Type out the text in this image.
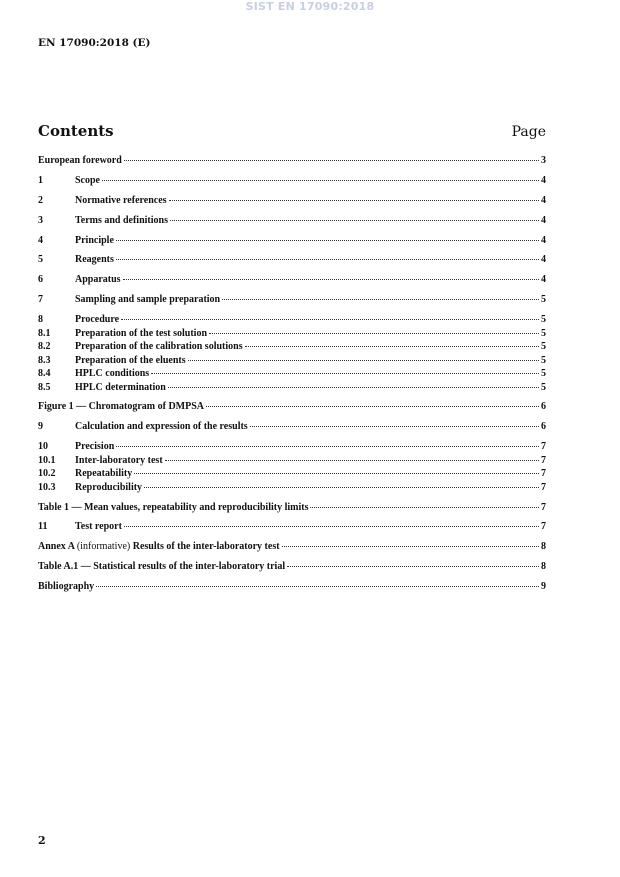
SIST EN 17090:2018
EN 17090:2018 (E)
Contents	Page
European foreword	3
1	Scope	4
2	Normative references	4
3	Terms and definitions	4
4	Principle	4
5	Reagents	4
6	Apparatus	4
7	Sampling and sample preparation	5
8	Procedure	5
8.1	Preparation of the test solution	5
8.2	Preparation of the calibration solutions	5
8.3	Preparation of the eluents	5
8.4	HPLC conditions	5
8.5	HPLC determination	5
Figure 1 — Chromatogram of DMPSA	6
9	Calculation and expression of the results	6
10	Precision	7
10.1	Inter-laboratory test	7
10.2	Repeatability	7
10.3	Reproducibility	7
Table 1 — Mean values, repeatability and reproducibility limits	7
11	Test report	7
Annex A (informative) Results of the inter-laboratory test	8
Table A.1 — Statistical results of the inter-laboratory trial	8
Bibliography	9
2
